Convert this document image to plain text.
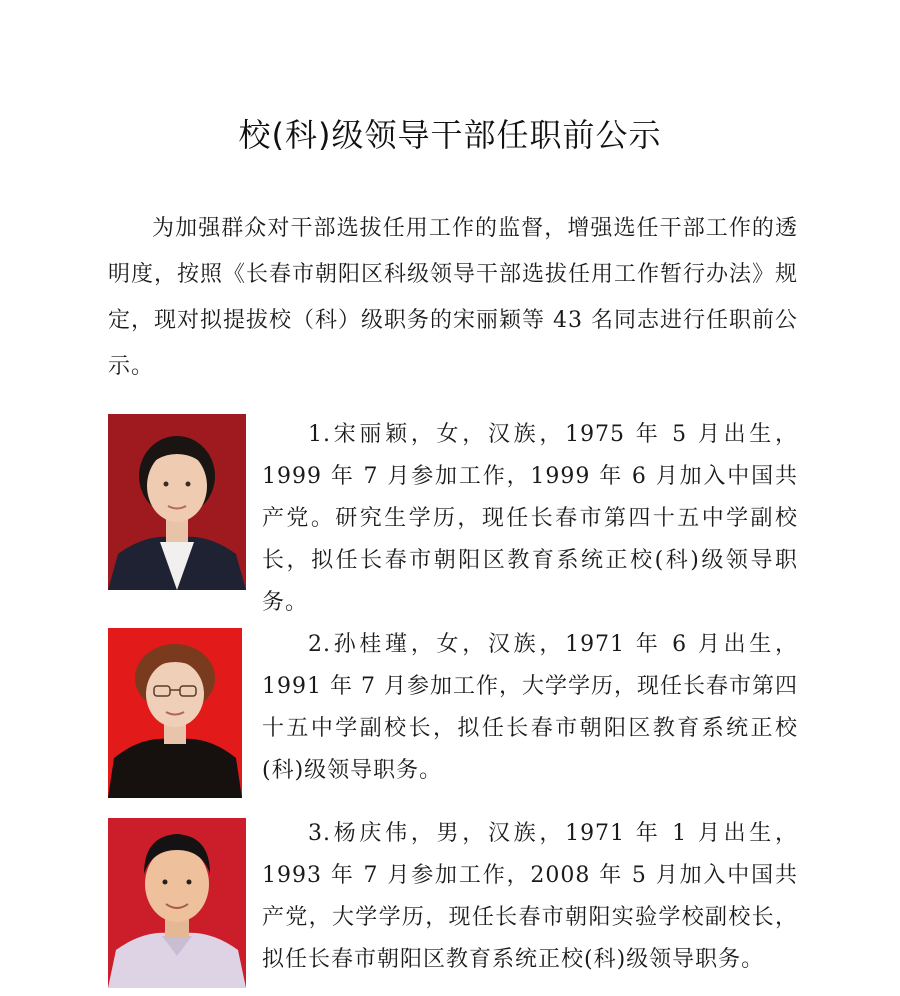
校(科)级领导干部任职前公示
为加强群众对干部选拔任用工作的监督，增强选任干部工作的透明度，按照《长春市朝阳区科级领导干部选拔任用工作暂行办法》规定，现对拟提拔校（科）级职务的宋丽颖等 43 名同志进行任职前公示。
1.宋丽颖，女，汉族，1975 年 5 月出生，1999 年 7 月参加工作，1999 年 6 月加入中国共产党。研究生学历，现任长春市第四十五中学副校长，拟任长春市朝阳区教育系统正校(科)级领导职务。
2.孙桂瑾，女，汉族，1971 年 6 月出生，1991 年 7 月参加工作，大学学历，现任长春市第四十五中学副校长，拟任长春市朝阳区教育系统正校(科)级领导职务。
3.杨庆伟，男，汉族，1971 年 1 月出生， 1993 年 7 月参加工作，2008 年 5 月加入中国共产党，大学学历，现任长春市朝阳实验学校副校长，拟任长春市朝阳区教育系统正校(科)级领导职务。
